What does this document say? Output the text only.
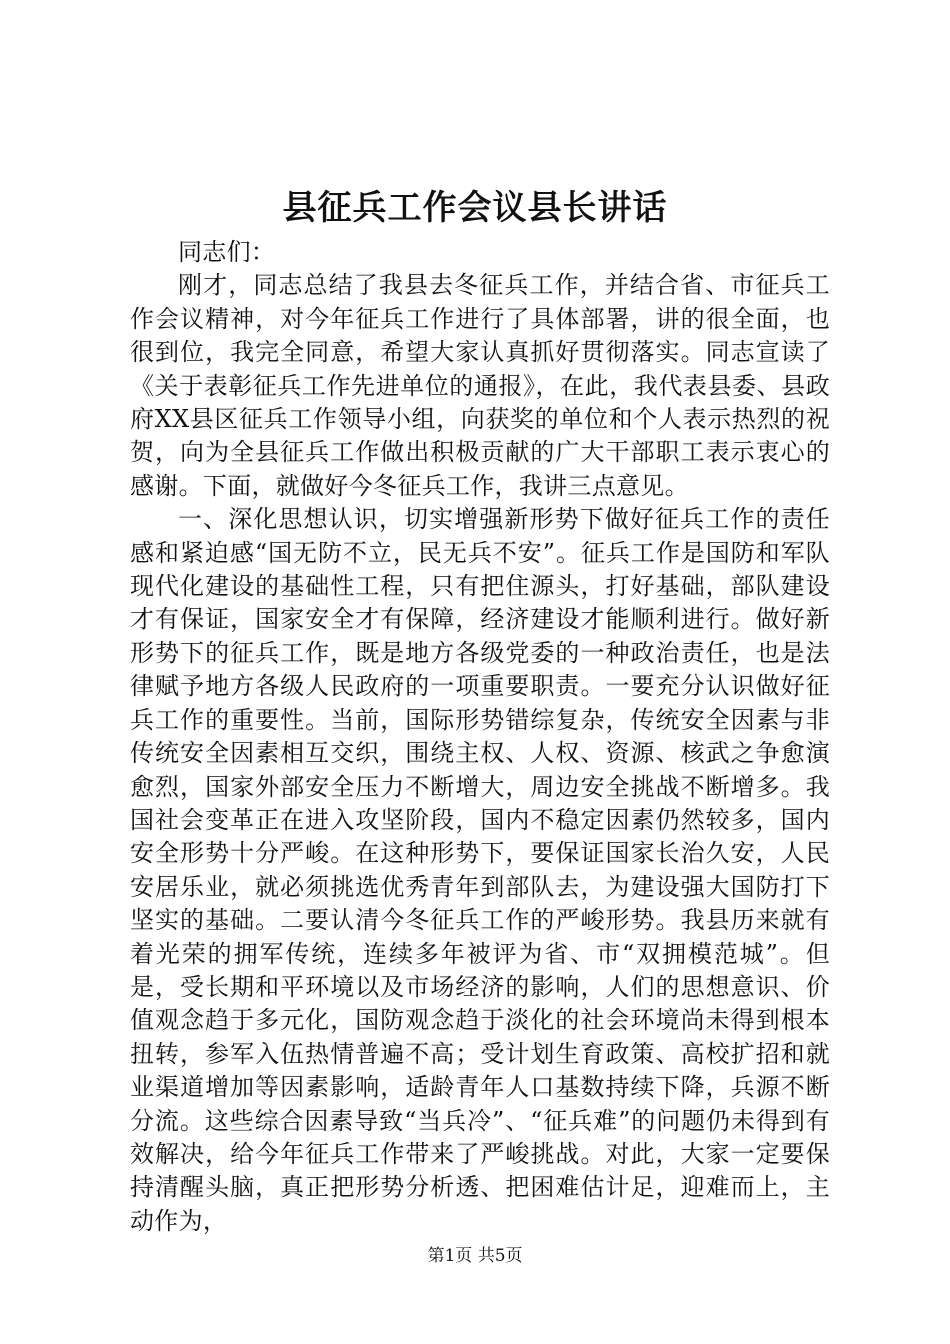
县征兵工作会议县长讲话

同志们：

刚才，同志总结了我县去冬征兵工作，并结合省、市征兵工作会议精神，对今年征兵工作进行了具体部署，讲的很全面，也很到位，我完全同意，希望大家认真抓好贯彻落实。同志宣读了《关于表彰征兵工作先进单位的通报》，在此，我代表县委、县政府XX县区征兵工作领导小组，向获奖的单位和个人表示热烈的祝贺，向为全县征兵工作做出积极贡献的广大干部职工表示衷心的感谢。下面，就做好今冬征兵工作，我讲三点意见。

一、深化思想认识，切实增强新形势下做好征兵工作的责任感和紧迫感“国无防不立，民无兵不安”。征兵工作是国防和军队现代化建设的基础性工程，只有把住源头，打好基础，部队建设才有保证，国家安全才有保障，经济建设才能顺利进行。做好新形势下的征兵工作，既是地方各级党委的一种政治责任，也是法律赋予地方各级人民政府的一项重要职责。一要充分认识做好征兵工作的重要性。当前，国际形势错综复杂，传统安全因素与非传统安全因素相互交织，围绕主权、人权、资源、核武之争愈演愈烈，国家外部安全压力不断增大，周边安全挑战不断增多。我国社会变革正在进入攻坚阶段，国内不稳定因素仍然较多，国内安全形势十分严峻。在这种形势下，要保证国家长治久安，人民安居乐业，就必须挑选优秀青年到部队去，为建设强大国防打下坚实的基础。二要认清今冬征兵工作的严峻形势。我县历来就有着光荣的拥军传统，连续多年被评为省、市“双拥模范城”。但是，受长期和平环境以及市场经济的影响，人们的思想意识、价值观念趋于多元化，国防观念趋于淡化的社会环境尚未得到根本扭转，参军入伍热情普遍不高；受计划生育政策、高校扩招和就业渠道增加等因素影响，适龄青年人口基数持续下降，兵源不断分流。这些综合因素导致“当兵冷”、“征兵难”的问题仍未得到有效解决，给今年征兵工作带来了严峻挑战。对此，大家一定要保持清醒头脑，真正把形势分析透、把困难估计足，迎难而上，主动作为，

第1页 共5页
